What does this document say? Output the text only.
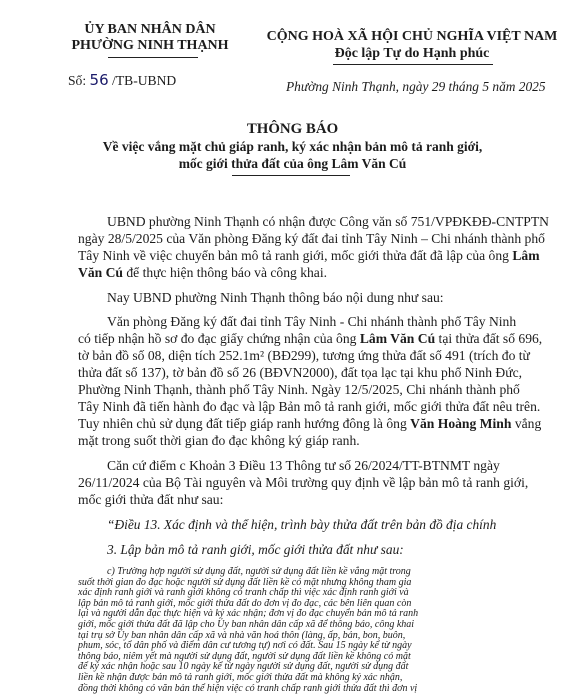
ỦY BAN NHÂN DÂN
PHƯỜNG NINH THẠNH
Số: 56 /TB-UBND
CỘNG HOÀ XÃ HỘI CHỦ NGHĨA VIỆT NAM
Độc lập Tự do Hạnh phúc
Phường Ninh Thạnh, ngày 29 tháng 5 năm 2025
THÔNG BÁO
Về việc vắng mặt chủ giáp ranh, ký xác nhận bản mô tả ranh giới,
mốc giới thửa đất của ông Lâm Văn Cú
UBND phường Ninh Thạnh có nhận được Công văn số 751/VPĐKĐĐ-CNTPTN
ngày 28/5/2025 của Văn phòng Đăng ký đất đai tỉnh Tây Ninh – Chi nhánh thành phố
Tây Ninh về việc chuyển bản mô tả ranh giới, mốc giới thửa đất đã lập của ông Lâm
Văn Cú để thực hiện thông báo và công khai.
Nay UBND phường Ninh Thạnh thông báo nội dung như sau:
Văn phòng Đăng ký đất đai tỉnh Tây Ninh - Chi nhánh thành phố Tây Ninh
có tiếp nhận hồ sơ đo đạc giấy chứng nhận của ông Lâm Văn Cú tại thửa đất số 696,
tờ bản đồ số 08, diện tích 252.1m² (BĐ299), tương ứng thửa đất số 491 (trích đo từ
thửa đất số 137), tờ bản đồ số 26 (BĐVN2000), đất tọa lạc tại khu phố Ninh Đức,
Phường Ninh Thạnh, thành phố Tây Ninh. Ngày 12/5/2025, Chi nhánh thành phố
Tây Ninh đã tiến hành đo đạc và lập Bản mô tả ranh giới, mốc giới thửa đất nêu trên.
Tuy nhiên chủ sử dụng đất tiếp giáp ranh hướng đông là ông Văn Hoàng Minh vắng
mặt trong suốt thời gian đo đạc không ký giáp ranh.
Căn cứ điểm c Khoản 3 Điều 13 Thông tư số 26/2024/TT-BTNMT ngày
26/11/2024 của Bộ Tài nguyên và Môi trường quy định về lập bản mô tả ranh giới,
mốc giới thửa đất như sau:
“Điều 13. Xác định và thể hiện, trình bày thửa đất trên bản đồ địa chính
3. Lập bản mô tả ranh giới, mốc giới thửa đất như sau:
c) Trường hợp người sử dụng đất, người sử dụng đất liền kề vắng mặt trong
suốt thời gian đo đạc hoặc người sử dụng đất liền kề có mặt nhưng không tham gia
xác định ranh giới và ranh giới không có tranh chấp thì việc xác định ranh giới và
lập bản mô tả ranh giới, mốc giới thửa đất do đơn vị đo đạc, các bên liên quan còn
lại và người dẫn đạc thực hiện và ký xác nhận; đơn vị đo đạc chuyển bản mô tả ranh
giới, mốc giới thửa đất đã lập cho Ủy ban nhân dân cấp xã để thông báo, công khai
tại trụ sở Ủy ban nhân dân cấp xã và nhà văn hoá thôn (làng, ấp, bản, bon, buôn,
phum, sóc, tổ dân phố và điểm dân cư tương tự) nơi có đất. Sau 15 ngày kể từ ngày
thông báo, niêm yết mà người sử dụng đất, người sử dụng đất liền kề không có mặt
để ký xác nhận hoặc sau 10 ngày kể từ ngày người sử dụng đất, người sử dụng đất
liền kề nhận được bản mô tả ranh giới, mốc giới thửa đất mà không ký xác nhận,
đồng thời không có văn bản thể hiện việc có tranh chấp ranh giới thửa đất thì đơn vị
